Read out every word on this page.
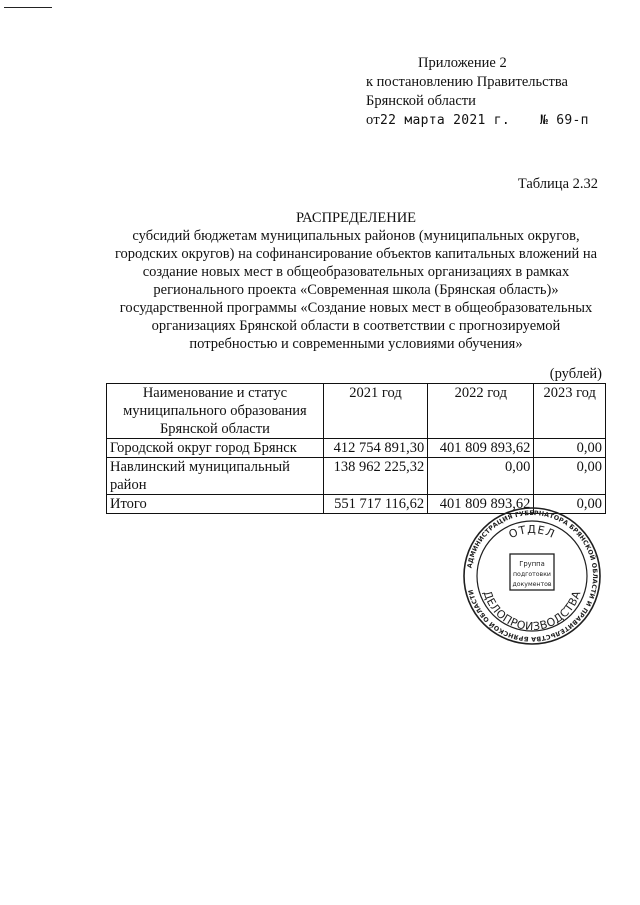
Приложение 2
к постановлению Правительства
Брянской области
от22 марта 2021 г. № 69-п
Таблица 2.32
РАСПРЕДЕЛЕНИЕ
субсидий бюджетам муниципальных районов (муниципальных округов, городских округов) на софинансирование объектов капитальных вложений на создание новых мест в общеобразовательных организациях в рамках регионального проекта «Современная школа (Брянская область)» государственной программы «Создание новых мест в общеобразовательных организациях Брянской области в соответствии с прогнозируемой потребностью и современными условиями обучения»
(рублей)
Наименование и статус муниципального образования Брянской области	2021 год	2022 год	2023 год
Городской округ город Брянск	412 754 891,30	401 809 893,62	0,00
Навлинский муниципальный район	138 962 225,32	0,00	0,00
Итого	551 717 116,62	401 809 893,62	0,00
АДМИНИСТРАЦИЯ ГУБЕРНАТОРА БРЯНСКОЙ ОБЛАСТИ И ПРАВИТЕЛЬСТВА БРЯНСКОЙ ОБЛАСТИ
ОТДЕЛ
ДЕЛОПРОИЗВОДСТВА
Группа
подготовки
документов
